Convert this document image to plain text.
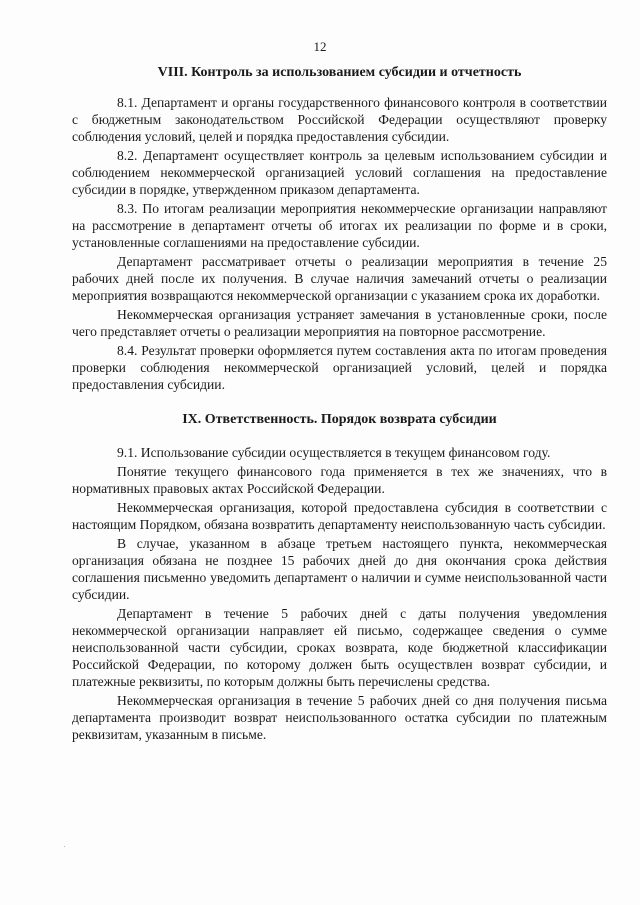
12
VIII. Контроль за использованием субсидии и отчетность

8.1. Департамент и органы государственного финансового контроля в соответствии с бюджетным законодательством Российской Федерации осуществляют проверку соблюдения условий, целей и порядка предоставления субсидии.

8.2. Департамент осуществляет контроль за целевым использованием субсидии и соблюдением некоммерческой организацией условий соглашения на предоставление субсидии в порядке, утвержденном приказом департамента.

8.3. По итогам реализации мероприятия некоммерческие организации направляют на рассмотрение в департамент отчеты об итогах их реализации по форме и в сроки, установленные соглашениями на предоставление субсидии.

Департамент рассматривает отчеты о реализации мероприятия в течение 25 рабочих дней после их получения. В случае наличия замечаний отчеты о реализации мероприятия возвращаются некоммерческой организации с указанием срока их доработки.

Некоммерческая организация устраняет замечания в установленные сроки, после чего представляет отчеты о реализации мероприятия на повторное рассмотрение.

8.4. Результат проверки оформляется путем составления акта по итогам проведения проверки соблюдения некоммерческой организацией условий, целей и порядка предоставления субсидии.

IX. Ответственность. Порядок возврата субсидии

9.1. Использование субсидии осуществляется в текущем финансовом году.

Понятие текущего финансового года применяется в тех же значениях, что в нормативных правовых актах Российской Федерации.

Некоммерческая организация, которой предоставлена субсидия в соответствии с настоящим Порядком, обязана возвратить департаменту неиспользованную часть субсидии.

В случае, указанном в абзаце третьем настоящего пункта, некоммерческая организация обязана не позднее 15 рабочих дней до дня окончания срока действия соглашения письменно уведомить департамент о наличии и сумме неиспользованной части субсидии.

Департамент в течение 5 рабочих дней с даты получения уведомления некоммерческой организации направляет ей письмо, содержащее сведения о сумме неиспользованной части субсидии, сроках возврата, коде бюджетной классификации Российской Федерации, по которому должен быть осуществлен возврат субсидии, и платежные реквизиты, по которым должны быть перечислены средства.

Некоммерческая организация в течение 5 рабочих дней со дня получения письма департамента производит возврат неиспользованного остатка субсидии по платежным реквизитам, указанным в письме.
